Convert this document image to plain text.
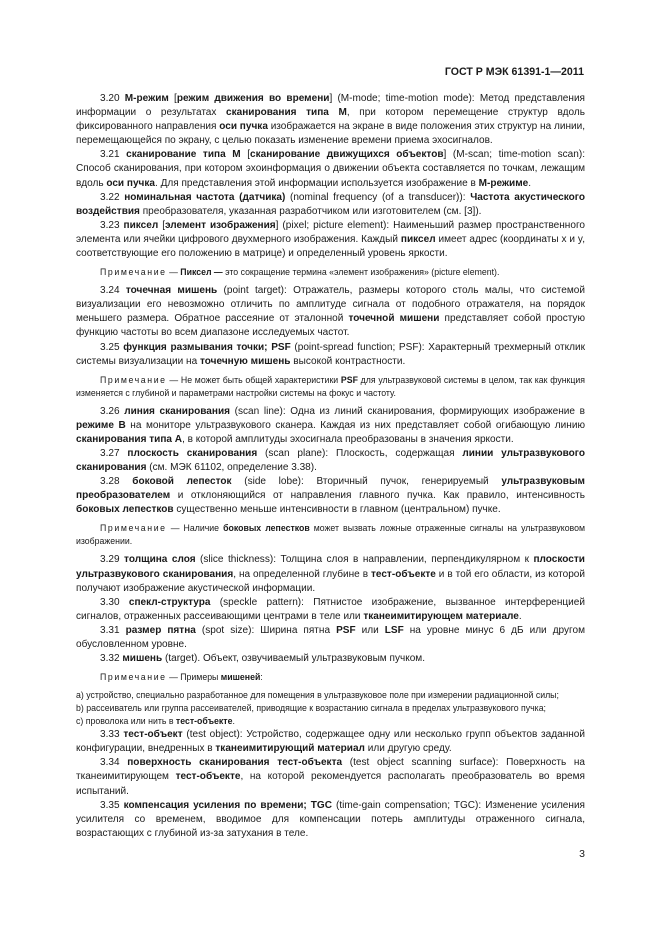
ГОСТ Р МЭК 61391-1—2011
3.20 М-режим [режим движения во времени] (M-mode; time-motion mode): Метод представления информации о результатах сканирования типа М, при котором перемещение структур вдоль фиксированного направления оси пучка изображается на экране в виде положения этих структур на линии, перемещающейся по экрану, с целью показать изменение времени приема эхосигналов.
3.21 сканирование типа М [сканирование движущихся объектов] (M-scan; time-motion scan): Способ сканирования, при котором эхоинформация о движении объекта составляется по точкам, лежащим вдоль оси пучка. Для представления этой информации используется изображение в М-режиме.
3.22 номинальная частота (датчика) (nominal frequency (of a transducer)): Частота акустического воздействия преобразователя, указанная разработчиком или изготовителем (см. [3]).
3.23 пиксел [элемент изображения] (pixel; picture element): Наименьший размер пространственного элемента или ячейки цифрового двухмерного изображения. Каждый пиксел имеет адрес (координаты x и y, соответствующие его положению в матрице) и определенный уровень яркости.
Примечание — Пиксел — это сокращение термина «элемент изображения» (picture element).
3.24 точечная мишень (point target): Отражатель, размеры которого столь малы, что системой визуализации его невозможно отличить по амплитуде сигнала от подобного отражателя, на порядок меньшего размера. Обратное рассеяние от эталонной точечной мишени представляет собой простую функцию частоты во всем диапазоне исследуемых частот.
3.25 функция размывания точки; PSF (point-spread function; PSF): Характерный трехмерный отклик системы визуализации на точечную мишень высокой контрастности.
Примечание — Не может быть общей характеристики PSF для ультразвуковой системы в целом, так как функция изменяется с глубиной и параметрами настройки системы на фокус и частоту.
3.26 линия сканирования (scan line): Одна из линий сканирования, формирующих изображение в режиме В на мониторе ультразвукового сканера. Каждая из них представляет собой огибающую линию сканирования типа А, в которой амплитуды эхосигнала преобразованы в значения яркости.
3.27 плоскость сканирования (scan plane): Плоскость, содержащая линии ультразвукового сканирования (см. МЭК 61102, определение 3.38).
3.28 боковой лепесток (side lobe): Вторичный пучок, генерируемый ультразвуковым преобразователем и отклоняющийся от направления главного пучка. Как правило, интенсивность боковых лепестков существенно меньше интенсивности в главном (центральном) пучке.
Примечание — Наличие боковых лепестков может вызвать ложные отраженные сигналы на ультразвуковом изображении.
3.29 толщина слоя (slice thickness): Толщина слоя в направлении, перпендикулярном к плоскости ультразвукового сканирования, на определенной глубине в тест-объекте и в той его области, из которой получают изображение акустической информации.
3.30 спекл-структура (speckle pattern): Пятнистое изображение, вызванное интерференцией сигналов, отраженных рассеивающими центрами в теле или тканеимитирующем материале.
3.31 размер пятна (spot size): Ширина пятна PSF или LSF на уровне минус 6 дБ или другом обусловленном уровне.
3.32 мишень (target). Объект, озвучиваемый ультразвуковым пучком.
Примечание — Примеры мишеней:
а) устройство, специально разработанное для помещения в ультразвуковое поле при измерении радиационной силы;
b) рассеиватель или группа рассеивателей, приводящие к возрастанию сигнала в пределах ультразвукового пучка;
с) проволока или нить в тест-объекте.
3.33 тест-объект (test object): Устройство, содержащее одну или несколько групп объектов заданной конфигурации, внедренных в тканеимитирующий материал или другую среду.
3.34 поверхность сканирования тест-объекта (test object scanning surface): Поверхность на тканеимитирующем тест-объекте, на которой рекомендуется располагать преобразователь во время испытаний.
3.35 компенсация усиления по времени; TGC (time-gain compensation; TGC): Изменение усиления усилителя со временем, вводимое для компенсации потерь амплитуды отраженного сигнала, возрастающих с глубиной из-за затухания в теле.
3
